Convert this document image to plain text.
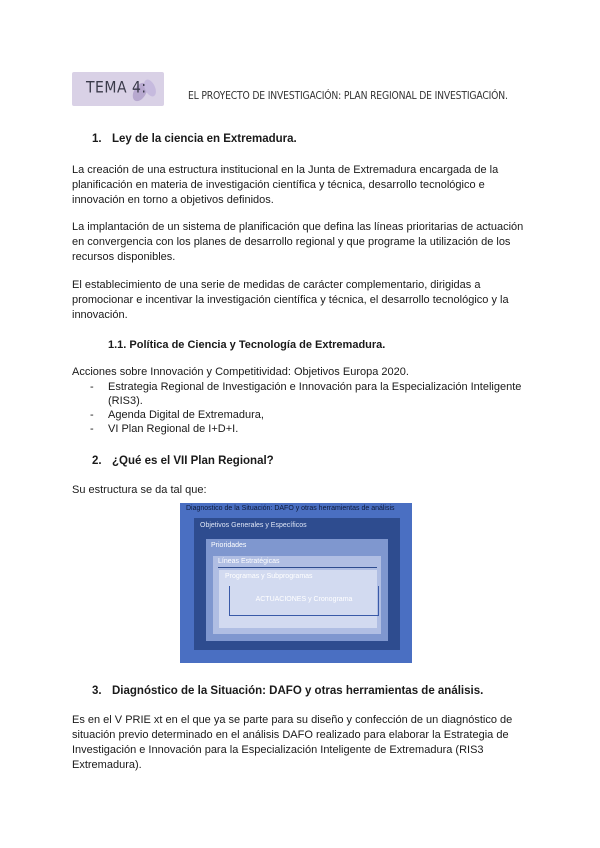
TEMA 4:	EL PROYECTO DE INVESTIGACIÓN: PLAN REGIONAL DE INVESTIGACIÓN.
1. Ley de la ciencia en Extremadura.
La creación de una estructura institucional en la Junta de Extremadura encargada de la planificación en materia de investigación científica y técnica, desarrollo tecnológico e innovación en torno a objetivos definidos.
La implantación de un sistema de planificación que defina las líneas prioritarias de actuación en convergencia con los planes de desarrollo regional y que programe la utilización de los recursos disponibles.
El establecimiento de una serie de medidas de carácter complementario, dirigidas a promocionar e incentivar la investigación científica y técnica, el desarrollo tecnológico y la innovación.
1.1. Política de Ciencia y Tecnología de Extremadura.
Acciones sobre Innovación y Competitividad: Objetivos Europa 2020.
- Estrategia Regional de Investigación e Innovación para la Especialización Inteligente (RIS3).
- Agenda Digital de Extremadura,
- VI Plan Regional de I+D+I.
2. ¿Qué es el VII Plan Regional?
Su estructura se da tal que:
Diagnostico de la Situación: DAFO y otras herramientas de análisis
Objetivos Generales y Específicos
Prioridades
Líneas Estratégicas
Programas y Subprogramas
ACTUACIONES y Cronograma
3. Diagnóstico de la Situación: DAFO y otras herramientas de análisis.
Es en el V PRIE xt en el que ya se parte para su diseño y confección de un diagnóstico de situación previo determinado en el análisis DAFO realizado para elaborar la Estrategia de Investigación e Innovación para la Especialización Inteligente de Extremadura (RIS3 Extremadura).
